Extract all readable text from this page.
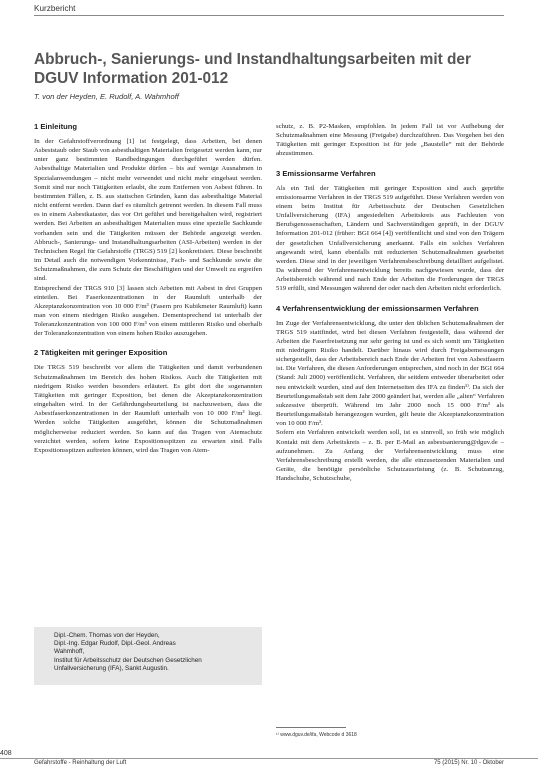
Kurzbericht
Abbruch-, Sanierungs- und Instandhaltungsarbeiten mit der DGUV Information 201-012
T. von der Heyden, E. Rudolf, A. Wahmhoff
1 Einleitung

In der Gefahrstoffverordnung [1] ist festgelegt, dass Arbeiten, bei denen Asbeststaub oder Staub von asbesthaltigen Materialien freigesetzt werden kann, nur unter ganz bestimmten Randbedingungen durchgeführt werden dürfen. Asbesthaltige Materialien und Produkte dürfen – bis auf wenige Ausnahmen in Spezialanwendungen – nicht mehr verwendet und nicht mehr eingebaut werden. Somit sind nur noch Tätigkeiten erlaubt, die zum Entfernen von Asbest führen. In bestimmten Fällen, z. B. aus statischen Gründen, kann das asbesthaltige Material nicht entfernt werden. Dann darf es räumlich getrennt werden. In diesem Fall muss es in einem Asbestkataster, das vor Ort geführt und bereitgehalten wird, registriert werden. Bei Arbeiten an asbesthaltigen Materialien muss eine spezielle Sachkunde vorhanden sein und die Tätigkeiten müssen der Behörde angezeigt werden. Abbruch-, Sanierungs- und Instandhaltungsarbeiten (ASI-Arbeiten) werden in der Technischen Regel für Gefahrstoffe (TRGS) 519 [2] konkretisiert. Diese beschreibt im Detail auch die notwendigen Vorkenntnisse, Fach- und Sachkunde sowie die Schutzmaßnahmen, die zum Schutz der Beschäftigten und der Umwelt zu ergreifen sind.

Entsprechend der TRGS 910 [3] lassen sich Arbeiten mit Asbest in drei Gruppen einteilen. Bei Faserkonzentrationen in der Raumluft unterhalb der Akzeptanzkonzentration von 10 000 F/m³ (Fasern pro Kubikmeter Raumluft) kann man von einem niedrigen Risiko ausgehen. Dementsprechend ist unterhalb der Toleranzkonzentration von 100 000 F/m³ von einem mittleren Risiko und oberhalb der Toleranzkonzentration von einem hohen Risiko auszugehen.

2 Tätigkeiten mit geringer Exposition

Die TRGS 519 beschreibt vor allem die Tätigkeiten und damit verbundenen Schutzmaßnahmen im Bereich des hohen Risikos. Auch die Tätigkeiten mit niedrigem Risiko werden besonders erläutert. Es gibt dort die sogenannten Tätigkeiten mit geringer Exposition, bei denen die Akzeptanzkonzentration eingehalten wird. In der Gefährdungsbeurteilung ist nachzuweisen, dass die Asbestfaserkonzentrationen in der Raumluft unterhalb von 10 000 F/m³ liegt. Werden solche Tätigkeiten ausgeführt, können die Schutzmaßnahmen möglicherweise reduziert werden. So kann auf das Tragen von Atemschutz verzichtet werden, sofern keine Expositionsspitzen zu erwarten sind. Falls Expositionsspitzen auftreten können, wird das Tragen von Atem-

schutz, z. B. P2-Masken, empfohlen. In jedem Fall ist vor Aufhebung der Schutzmaßnahmen eine Messung (Freigabe) durchzuführen. Das Vorgehen bei den Tätigkeiten mit geringer Exposition ist für jede „Baustelle“ mit der Behörde abzustimmen.

3 Emissionsarme Verfahren

Als ein Teil der Tätigkeiten mit geringer Exposition sind auch geprüfte emissionsarme Verfahren in der TRGS 519 aufgeführt. Diese Verfahren werden von einem beim Institut für Arbeitsschutz der Deutschen Gesetzlichen Unfallversicherung (IFA) angesiedelten Arbeitskreis aus Fachleuten von Berufsgenossenschaften, Ländern und Sachverständigen geprüft, in der DGUV Information 201-012 (früher: BGI 664 [4]) veröffentlicht und sind von den Trägern der gesetzlichen Unfallversicherung anerkannt. Falls ein solches Verfahren angewandt wird, kann ebenfalls mit reduzierten Schutzmaßnahmen gearbeitet werden. Diese sind in der jeweiligen Verfahrensbeschreibung detailliert aufgelistet. Da während der Verfahrensentwicklung bereits nachgewiesen wurde, dass der Arbeitsbereich während und nach Ende der Arbeiten die Forderungen der TRGS 519 erfüllt, sind Messungen während der oder nach den Arbeiten nicht erforderlich.

4 Verfahrensentwicklung der emissionsarmen Verfahren

Im Zuge der Verfahrensentwicklung, die unter den üblichen Schutzmaßnahmen der TRGS 519 stattfindet, wird bei diesen Verfahren festgestellt, dass während der Arbeiten die Faserfreisetzung nur sehr gering ist und es sich somit um Tätigkeiten mit niedrigem Risiko handelt. Darüber hinaus wird durch Freigabemessungen sichergestellt, dass der Arbeitsbereich nach Ende der Arbeiten frei von Asbestfasern ist. Die Verfahren, die diesen Anforderungen entsprechen, sind noch in der BGI 664 (Stand: Juli 2000) veröffentlicht. Verfahren, die seitdem entweder überarbeitet oder neu entwickelt wurden, sind auf den Internetseiten des IFA zu finden¹⁾. Da sich der Beurteilungsmaßstab seit dem Jahr 2000 geändert hat, werden alle „alten“ Verfahren sukzessive überprüft. Während im Jahr 2000 noch 15 000 F/m³ als Beurteilungsmaßstab herangezogen wurden, gilt heute die Akzeptanzkonzentration von 10 000 F/m³.

Sofern ein Verfahren entwickelt werden soll, ist es sinnvoll, so früh wie möglich Kontakt mit dem Arbeitskreis – z. B. per E-Mail an asbestsanierung@dguv.de – aufzunehmen. Zu Anfang der Verfahrensentwicklung muss eine Verfahrensbeschreibung erstellt werden, die alle einzusetzenden Materialien und Geräte, die benötigte persönliche Schutzausrüstung (z. B. Schutzanzug, Handschuhe, Schutzschuhe,

Dipl.-Chem. Thomas von der Heyden,
Dipl.-Ing. Edgar Rudolf, Dipl.-Geol. Andreas
Wahmhoff,
Institut für Arbeitsschutz der Deutschen Gesetzlichen
Unfallversicherung (IFA), Sankt Augustin.
¹⁾ www.dguv.de/ifa, Webcode d 3618
408
Gefahrstoffe - Reinhaltung der Luft	75 (2015) Nr. 10 - Oktober
